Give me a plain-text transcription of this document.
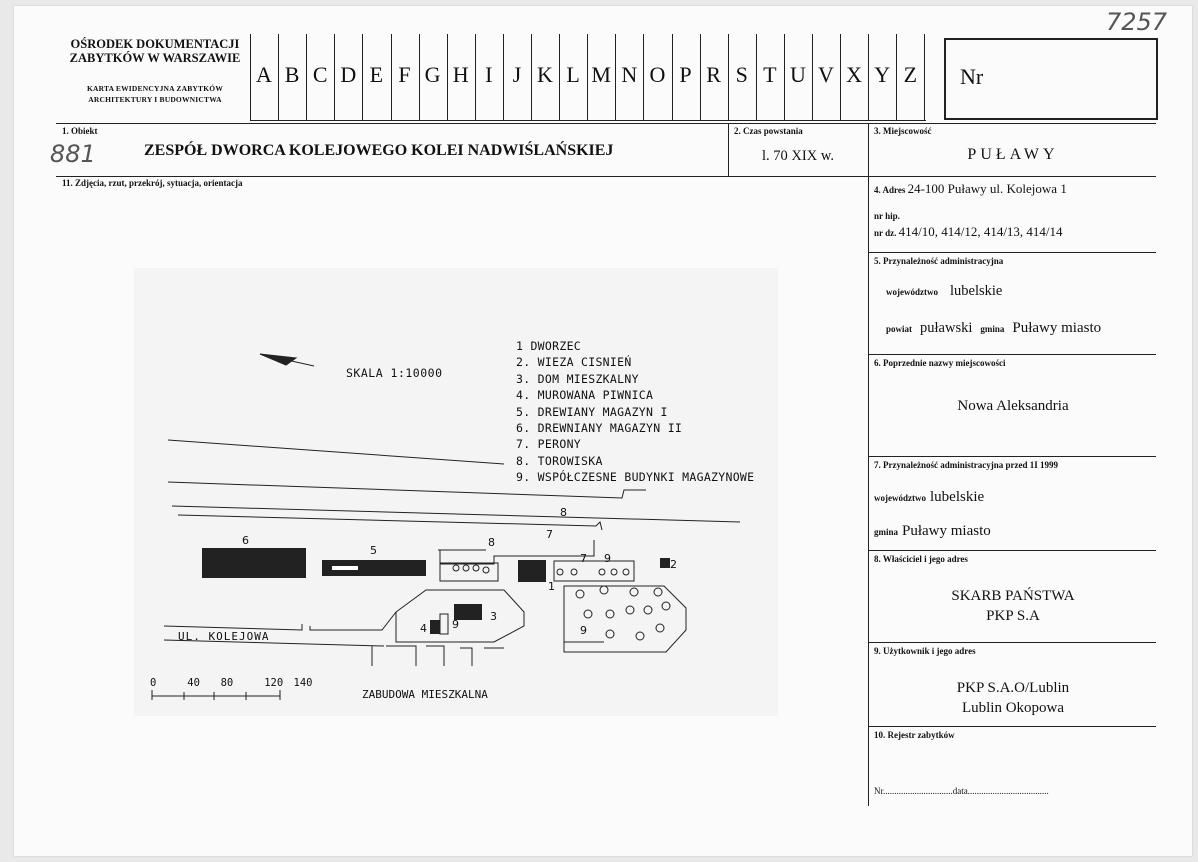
OŚRODEK DOKUMENTACJI
ZABYTKÓW W WARSZAWIE
KARTA EWIDENCYJNA ZABYTKÓW
ARCHITEKTURY I BUDOWNICTWA
A B C D E F G H I J K L M N O P R S T U V X Y Z	Nr
7257
1. Obiekt
881	ZESPÓŁ DWORCA KOLEJOWEGO KOLEI NADWIŚLAŃSKIEJ
2. Czas powstania
l. 70 XIX w.
3. Miejscowość
PUŁAWY
11. Zdjęcia, rzut, przekrój, sytuacja, orientacja
SKALA 1:10000
1 DWORZEC
2. WIEZA CISNIEŃ
3. DOM MIESZKALNY
4. MUROWANA PIWNICA
5. DREWIANY MAGAZYN I
6. DREWNIANY MAGAZYN II
7. PERONY
8. TOROWISKA
9. WSPÓŁCZESNE BUDYNKI MAGAZYNOWE
6
5
8
7
8
7 9	2
1
3
4 9	9
UL. KOLEJOWA
ZABUDOWA MIESZKALNA
0	40 80	120 140
4. Adres 24-100 Puławy ul. Kolejowa 1
nr hip.
nr dz. 414/10, 414/12, 414/13, 414/14
5. Przynależność administracyjna
województwo lubelskie
powiat puławski gmina Puławy miasto
6. Poprzednie nazwy miejscowości
Nowa Aleksandria
7. Przynależność administracyjna przed 1I 1999
województwo lubelskie
gmina Puławy miasto
8. Właściciel i jego adres
SKARB PAŃSTWA
PKP S.A
9. Użytkownik i jego adres
PKP S.A.O/Lublin
Lublin Okopowa
10. Rejestr zabytków
Nr...............................data....................................
